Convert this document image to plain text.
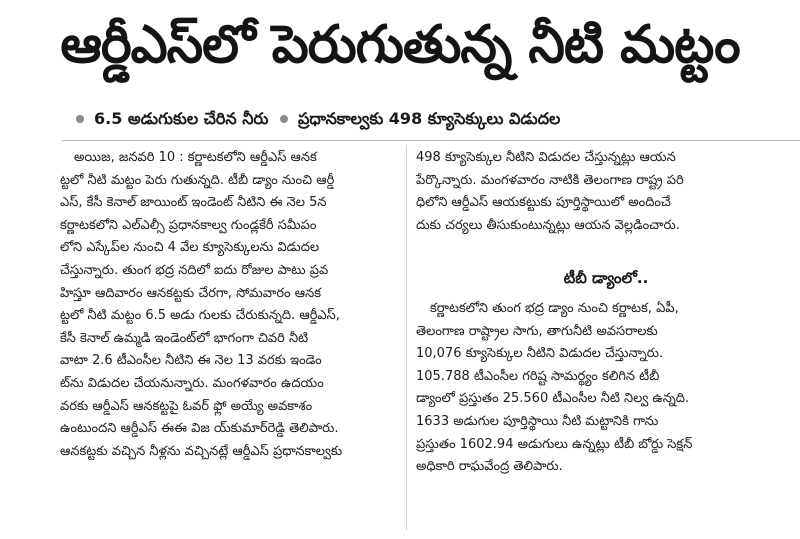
ఆర్డీఎస్‌లో పెరుగుతున్న నీటి మట్టం
6.5 అడుగుకుల చేరిన నీరు ప్రధానకాల్వకు 498 క్యూసెక్కులు విడుదల
అయిజ, జనవరి 10 : కర్ణాటకలోని ఆర్డీఎస్ ఆనక
ట్టలో నీటి మట్టం పెరు గుతున్నది. టీబీ డ్యాం నుంచి ఆర్డీ
ఎస్, కేసీ కెనాల్ జాయింట్ ఇండెంట్ నీటిని ఈ నెల 5న
కర్ణాటకలోని ఎల్ఎల్సీ ప్రధానకాల్వ గుండ్లకేరీ సమీపం
లోని ఎస్కేప్‌ల నుంచి 4 వేల క్యూసెక్కులను విడుదల
చేస్తున్నారు. తుంగ భద్ర నదిలో ఐదు రోజుల పాటు ప్రవ
హిస్తూ ఆదివారం ఆనకట్టకు చేరగా, సోమవారం ఆనక
ట్టలో నీటి మట్టం 6.5 అడు గులకు చేరుకున్నది. ఆర్డీఎస్,
కేసీ కెనాల్ ఉమ్మడి ఇండెంట్‌లో భాగంగా చివరి నీటి
వాటా 2.6 టీఎంసీల నీటిని ఈ నెల 13 వరకు ఇండెం
ట్‌ను విడుదల చేయనున్నారు. మంగళవారం ఉదయం
వరకు ఆర్డీఎస్ ఆనకట్టపై ఓవర్ ఫ్లో అయ్యే అవకాశం
ఉంటుందని ఆర్డీఎస్ ఈఈ విజ య్‌కుమార్‌రెడ్డి తెలిపారు.
ఆనకట్టకు వచ్చిన నీళ్లను వచ్చినట్లే ఆర్డీఎస్ ప్రధానకాల్వకు
498 క్యూసెక్కుల నీటిని విడుదల చేస్తున్నట్లు ఆయన
పేర్కొన్నారు. మంగళవారం నాటికి తెలంగాణ రాష్ట్ర పరి
ధిలోని ఆర్డీఎస్ ఆయకట్టుకు పూర్తిస్థాయిలో అందించే
దుకు చర్యలు తీసుకుంటున్నట్లు ఆయన వెల్లడించారు.
టీబీ డ్యాంలో..
కర్ణాటకలోని తుంగ భద్ర డ్యాం నుంచి కర్ణాటక, ఏపీ,
తెలంగాణ రాష్ట్రాల సాగు, తాగునీటి అవసరాలకు
10,076 క్యూసెక్కుల నీటిని విడుదల చేస్తున్నారు.
105.788 టీఎంసీల గరిష్ట సామర్థ్యం కలిగిన టీబీ
డ్యాంలో ప్రస్తుతం 25.560 టీఎంసీల నీటి నిల్వ ఉన్నది.
1633 అడుగుల పూర్తిస్థాయి నీటి మట్టానికి గాను
ప్రస్తుతం 1602.94 అడుగులు ఉన్నట్లు టీబీ బోర్డు సెక్షన్
అధికారి రాఘవేంద్ర తెలిపారు.
